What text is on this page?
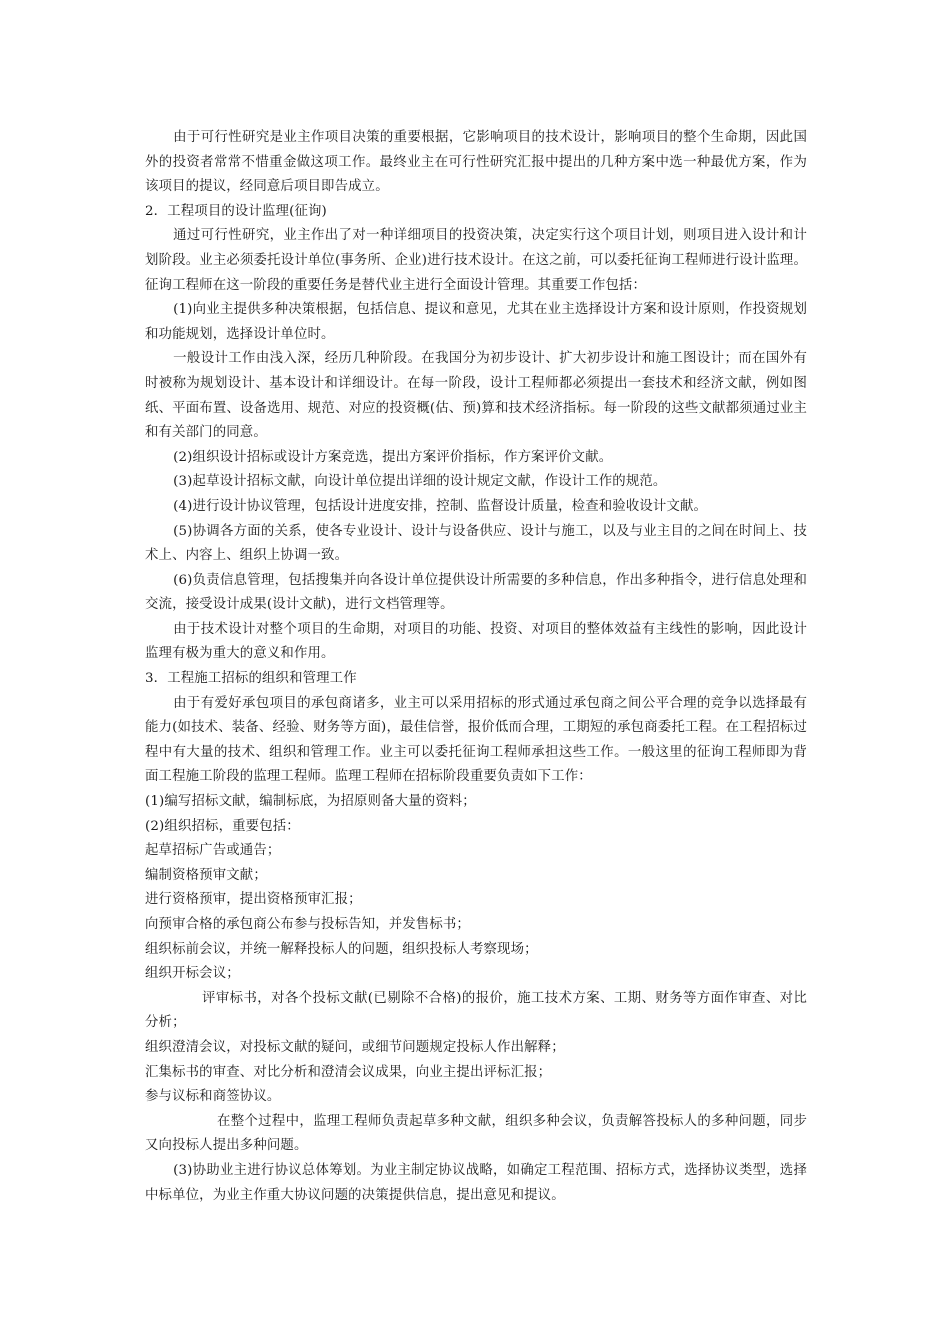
由于可行性研究是业主作项目决策的重要根据，它影响项目的技术设计，影响项目的整个生命期，因此国外的投资者常常不惜重金做这项工作。最终业主在可行性研究汇报中提出的几种方案中选一种最优方案，作为该项目的提议，经同意后项目即告成立。

2．工程项目的设计监理(征询)

通过可行性研究，业主作出了对一种详细项目的投资决策，决定实行这个项目计划，则项目进入设计和计划阶段。业主必须委托设计单位(事务所、企业)进行技术设计。在这之前，可以委托征询工程师进行设计监理。征询工程师在这一阶段的重要任务是替代业主进行全面设计管理。其重要工作包括：

(1)向业主提供多种决策根据，包括信息、提议和意见，尤其在业主选择设计方案和设计原则，作投资规划和功能规划，选择设计单位时。

一般设计工作由浅入深，经历几种阶段。在我国分为初步设计、扩大初步设计和施工图设计；而在国外有时被称为规划设计、基本设计和详细设计。在每一阶段，设计工程师都必须提出一套技术和经济文献，例如图纸、平面布置、设备选用、规范、对应的投资概(估、预)算和技术经济指标。每一阶段的这些文献都须通过业主和有关部门的同意。

(2)组织设计招标或设计方案竞选，提出方案评价指标，作方案评价文献。

(3)起草设计招标文献，向设计单位提出详细的设计规定文献，作设计工作的规范。

(4)进行设计协议管理，包括设计进度安排，控制、监督设计质量，检查和验收设计文献。

(5)协调各方面的关系，使各专业设计、设计与设备供应、设计与施工，以及与业主目的之间在时间上、技术上、内容上、组织上协调一致。

(6)负责信息管理，包括搜集并向各设计单位提供设计所需要的多种信息，作出多种指令，进行信息处理和交流，接受设计成果(设计文献)，进行文档管理等。

由于技术设计对整个项目的生命期，对项目的功能、投资、对项目的整体效益有主线性的影响，因此设计监理有极为重大的意义和作用。

3．工程施工招标的组织和管理工作

由于有爱好承包项目的承包商诸多，业主可以采用招标的形式通过承包商之间公平合理的竞争以选择最有能力(如技术、装备、经验、财务等方面)，最佳信誉，报价低而合理，工期短的承包商委托工程。在工程招标过程中有大量的技术、组织和管理工作。业主可以委托征询工程师承担这些工作。一般这里的征询工程师即为背面工程施工阶段的监理工程师。监理工程师在招标阶段重要负责如下工作：

(1)编写招标文献，编制标底，为招原则备大量的资料；

(2)组织招标，重要包括：

起草招标广告或通告；

编制资格预审文献；

进行资格预审，提出资格预审汇报；

向预审合格的承包商公布参与投标告知，并发售标书；

组织标前会议，并统一解释投标人的问题，组织投标人考察现场；

组织开标会议；

评审标书，对各个投标文献(已剔除不合格)的报价，施工技术方案、工期、财务等方面作审查、对比分析；

组织澄清会议，对投标文献的疑问，或细节问题规定投标人作出解释；

汇集标书的审查、对比分析和澄清会议成果，向业主提出评标汇报；

参与议标和商签协议。

在整个过程中，监理工程师负责起草多种文献，组织多种会议，负责解答投标人的多种问题，同步又向投标人提出多种问题。

(3)协助业主进行协议总体筹划。为业主制定协议战略，如确定工程范围、招标方式，选择协议类型，选择中标单位，为业主作重大协议问题的决策提供信息，提出意见和提议。
